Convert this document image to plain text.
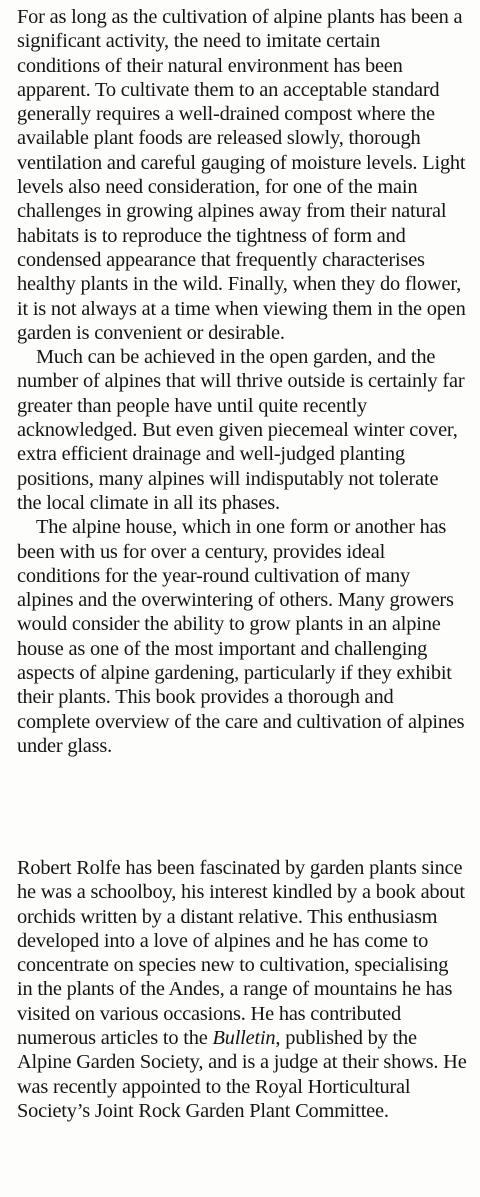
For as long as the cultivation of alpine plants has been a significant activity, the need to imitate certain conditions of their natural environment has been apparent. To cultivate them to an acceptable standard generally requires a well-drained compost where the available plant foods are released slowly, thorough ventilation and careful gauging of moisture levels. Light levels also need consideration, for one of the main challenges in growing alpines away from their natural habitats is to reproduce the tightness of form and condensed appearance that frequently characterises healthy plants in the wild. Finally, when they do flower, it is not always at a time when viewing them in the open garden is convenient or desirable.

Much can be achieved in the open garden, and the number of alpines that will thrive outside is certainly far greater than people have until quite recently acknowledged. But even given piecemeal winter cover, extra efficient drainage and well-judged planting positions, many alpines will indisputably not tolerate the local climate in all its phases.

The alpine house, which in one form or another has been with us for over a century, provides ideal conditions for the year-round cultivation of many alpines and the overwintering of others. Many growers would consider the ability to grow plants in an alpine house as one of the most important and challenging aspects of alpine gardening, particularly if they exhibit their plants. This book provides a thorough and complete overview of the care and cultivation of alpines under glass.

Robert Rolfe has been fascinated by garden plants since he was a schoolboy, his interest kindled by a book about orchids written by a distant relative. This enthusiasm developed into a love of alpines and he has come to concentrate on species new to cultivation, specialising in the plants of the Andes, a range of mountains he has visited on various occasions. He has contributed numerous articles to the Bulletin, published by the Alpine Garden Society, and is a judge at their shows. He was recently appointed to the Royal Horticultural Society’s Joint Rock Garden Plant Committee.
